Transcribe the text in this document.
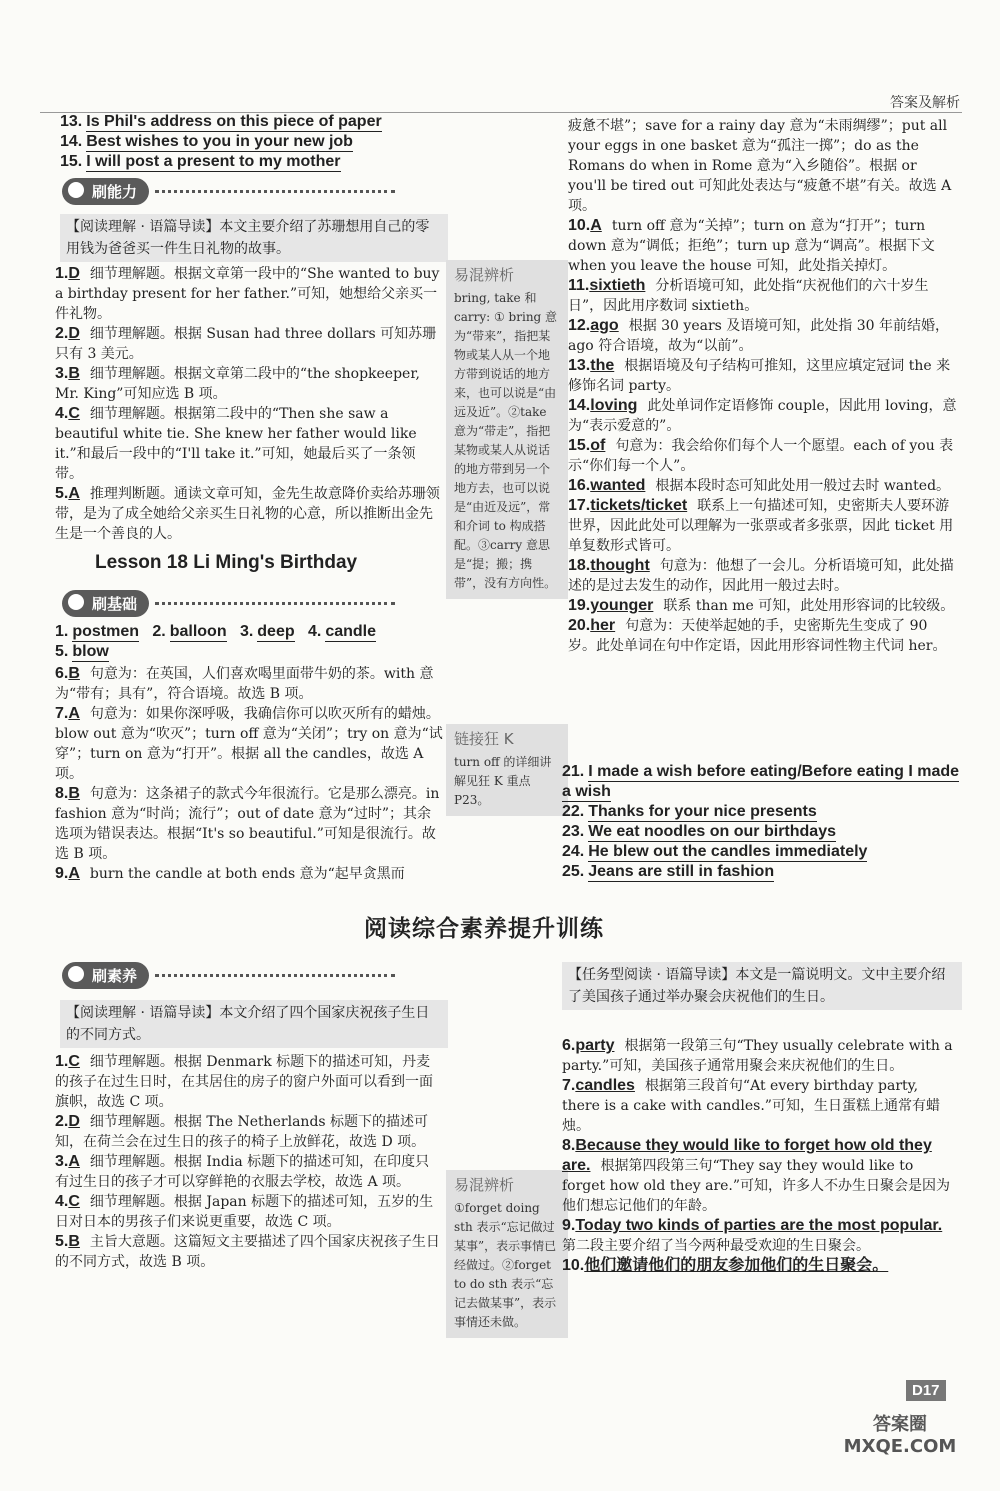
答案及解析
13. Is Phil's address on this piece of paper
14. Best wishes to you in your new job
15. I will post a present to my mother
刷能力
【阅读理解 · 语篇导读】本文主要介绍了苏珊想用自己的零用钱为爸爸买一件生日礼物的故事。
1.D 细节理解题。根据文章第一段中的“She wanted to buy a birthday present for her father.”可知，她想给父亲买一件礼物。
2.D 细节理解题。根据 Susan had three dollars 可知苏珊只有 3 美元。
3.B 细节理解题。根据文章第二段中的“the shopkeeper, Mr. King”可知应选 B 项。
4.C 细节理解题。根据第二段中的“Then she saw a beautiful white tie. She knew her father would like it.”和最后一段中的“I'll take it.”可知，她最后买了一条领带。
5.A 推理判断题。通读文章可知，金先生故意降价卖给苏珊领带，是为了成全她给父亲买生日礼物的心意，所以推断出金先生是一个善良的人。
Lesson 18 Li Ming's Birthday
刷基础
1. postmen 2. balloon 3. deep 4. candle
5. blow
6.B 句意为：在英国，人们喜欢喝里面带牛奶的茶。with 意为“带有；具有”，符合语境。故选 B 项。
7.A 句意为：如果你深呼吸，我确信你可以吹灭所有的蜡烛。blow out 意为“吹灭”；turn off 意为“关闭”；try on 意为“试穿”；turn on 意为“打开”。根据 all the candles，故选 A 项。
8.B 句意为：这条裙子的款式今年很流行。它是那么漂亮。in fashion 意为“时尚；流行”；out of date 意为“过时”；其余选项为错误表达。根据“It's so beautiful.”可知是很流行。故选 B 项。
9.A burn the candle at both ends 意为“起早贪黑而
易混辨析
bring, take 和 carry: ① bring 意为“带来”，指把某物或某人从一个地方带到说话的地方来，也可以说是“由远及近”。②take 意为“带走”，指把某物或某人从说话的地方带到另一个地方去，也可以说是“由近及远”，常和介词 to 构成搭配。③carry 意思是“提；搬；携带”，没有方向性。
链接狂 K
turn off 的详细讲解见狂 K 重点 P23。
疲惫不堪”；save for a rainy day 意为“未雨绸缪”；put all your eggs in one basket 意为“孤注一掷”；do as the Romans do when in Rome 意为“入乡随俗”。根据 or you'll be tired out 可知此处表达与“疲惫不堪”有关。故选 A 项。
10.A turn off 意为“关掉”；turn on 意为“打开”；turn down 意为“调低；拒绝”；turn up 意为“调高”。根据下文 when you leave the house 可知，此处指关掉灯。
11.sixtieth 分析语境可知，此处指“庆祝他们的六十岁生日”，因此用序数词 sixtieth。
12.ago 根据 30 years 及语境可知，此处指 30 年前结婚，ago 符合语境，故为“以前”。
13.the 根据语境及句子结构可推知，这里应填定冠词 the 来修饰名词 party。
14.loving 此处单词作定语修饰 couple，因此用 loving，意为“表示爱意的”。
15.of 句意为：我会给你们每个人一个愿望。each of you 表示“你们每一个人”。
16.wanted 根据本段时态可知此处用一般过去时 wanted。
17.tickets/ticket 联系上一句描述可知，史密斯夫人要环游世界，因此此处可以理解为一张票或者多张票，因此 ticket 用单复数形式皆可。
18.thought 句意为：他想了一会儿。分析语境可知，此处描述的是过去发生的动作，因此用一般过去时。
19.younger 联系 than me 可知，此处用形容词的比较级。
20.her 句意为：天使举起她的手，史密斯先生变成了 90 岁。此处单词在句中作定语，因此用形容词性物主代词 her。
21. I made a wish before eating/Before eating I made a wish
22. Thanks for your nice presents
23. We eat noodles on our birthdays
24. He blew out the candles immediately
25. Jeans are still in fashion
阅读综合素养提升训练
刷素养
【阅读理解 · 语篇导读】本文介绍了四个国家庆祝孩子生日的不同方式。
1.C 细节理解题。根据 Denmark 标题下的描述可知，丹麦的孩子在过生日时，在其居住的房子的窗户外面可以看到一面旗帜，故选 C 项。
2.D 细节理解题。根据 The Netherlands 标题下的描述可知，在荷兰会在过生日的孩子的椅子上放鲜花，故选 D 项。
3.A 细节理解题。根据 India 标题下的描述可知，在印度只有过生日的孩子才可以穿鲜艳的衣服去学校，故选 A 项。
4.C 细节理解题。根据 Japan 标题下的描述可知，五岁的生日对日本的男孩子们来说更重要，故选 C 项。
5.B 主旨大意题。这篇短文主要描述了四个国家庆祝孩子生日的不同方式，故选 B 项。
易混辨析
①forget doing sth 表示“忘记做过某事”，表示事情已经做过。②forget to do sth 表示“忘记去做某事”，表示事情还未做。
【任务型阅读 · 语篇导读】本文是一篇说明文。文中主要介绍了美国孩子通过举办聚会庆祝他们的生日。
6.party 根据第一段第三句“They usually celebrate with a party.”可知，美国孩子通常用聚会来庆祝他们的生日。
7.candles 根据第三段首句“At every birthday party, there is a cake with candles.”可知，生日蛋糕上通常有蜡烛。
8.Because they would like to forget how old they are. 根据第四段第三句“They say they would like to forget how old they are.”可知，许多人不办生日聚会是因为他们想忘记他们的年龄。
9.Today two kinds of parties are the most popular.第二段主要介绍了当今两种最受欢迎的生日聚会。
10.他们邀请他们的朋友参加他们的生日聚会。
D17
答案圈 MXQE.COM
